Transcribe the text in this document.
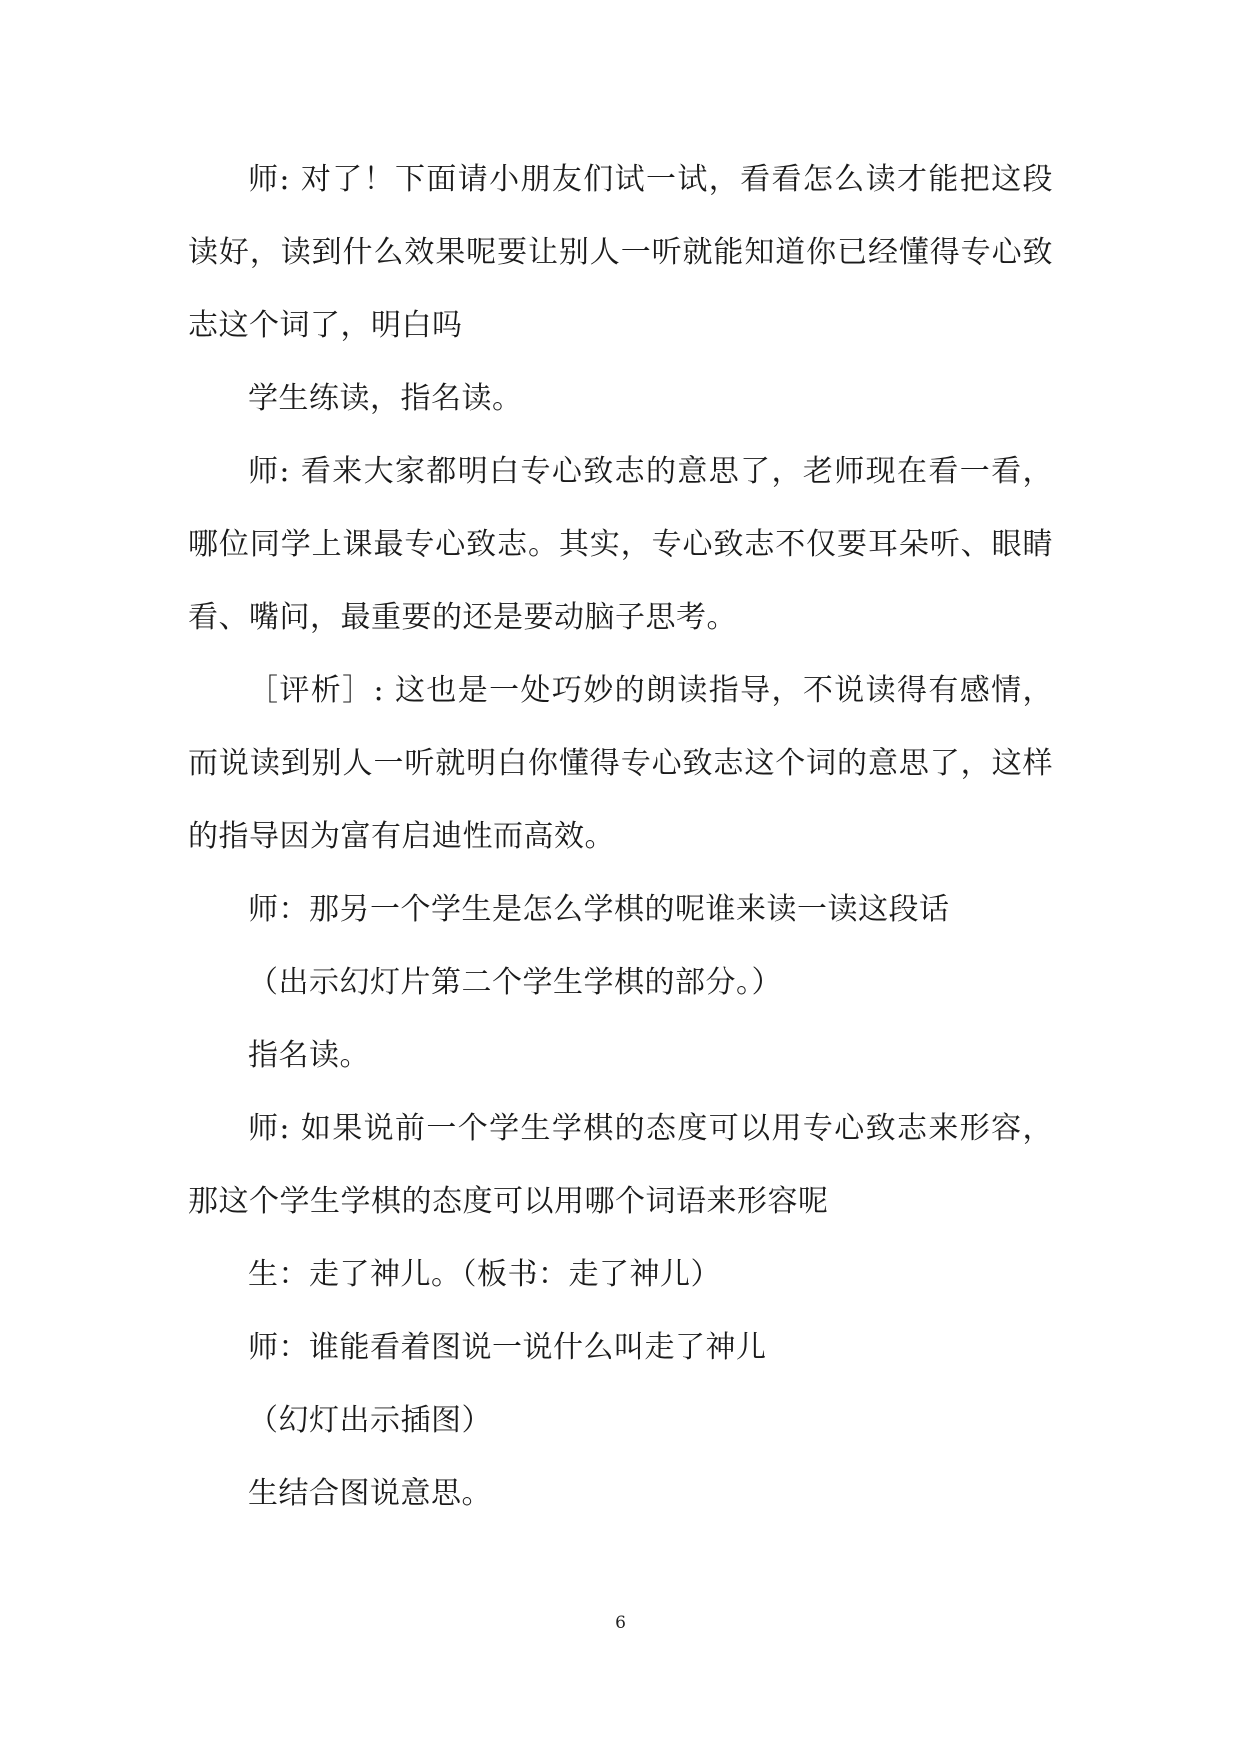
师: 对了！下面请小朋友们试一试，看看怎么读才能把这段读好，读到什么效果呢要让别人一听就能知道你已经懂得专心致志这个词了，明白吗

学生练读，指名读。

师: 看来大家都明白专心致志的意思了，老师现在看一看，哪位同学上课最专心致志。其实，专心致志不仅要耳朵听、眼睛看、嘴问，最重要的还是要动脑子思考。

［评析］: 这也是一处巧妙的朗读指导，不说读得有感情，而说读到别人一听就明白你懂得专心致志这个词的意思了，这样的指导因为富有启迪性而高效。

师：那另一个学生是怎么学棋的呢谁来读一读这段话

（出示幻灯片第二个学生学棋的部分。）

指名读。

师: 如果说前一个学生学棋的态度可以用专心致志来形容，那这个学生学棋的态度可以用哪个词语来形容呢

生：走了神儿。（板书：走了神儿）

师：谁能看着图说一说什么叫走了神儿

（幻灯出示插图）

生结合图说意思。

6
